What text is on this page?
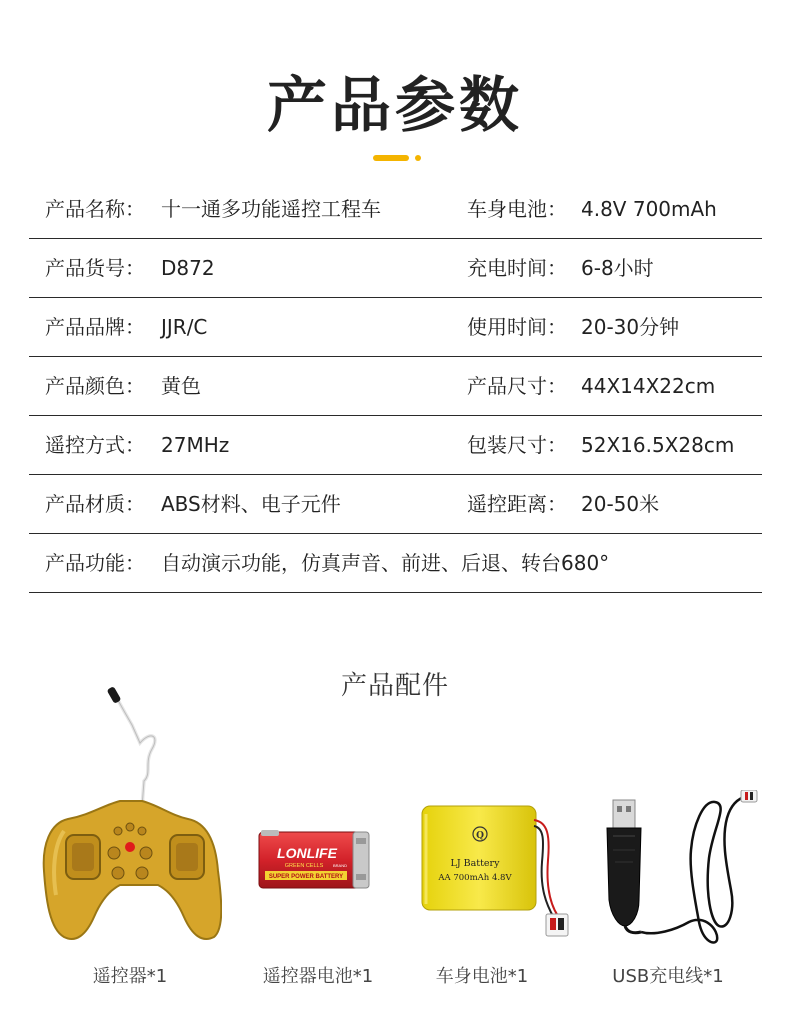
产品参数
产品名称： 十一通多功能遥控工程车	车身电池： 4.8V 700mAh
产品货号： D872	充电时间： 6-8小时
产品品牌： JJR/C	使用时间： 20-30分钟
产品颜色： 黄色	产品尺寸： 44X14X22cm
遥控方式： 27MHz	包装尺寸： 52X16.5X28cm
产品材质： ABS材料、电子元件	遥控距离： 20-50米
产品功能： 自动演示功能，仿真声音、前进、后退、转台680°
产品配件
LONLIFE
GREEN CELLS BRAND
SUPER POWER BATTERY
Q
LJ Battery
AA 700mAh 4.8V
遥控器*1	遥控器电池*1	车身电池*1	USB充电线*1
